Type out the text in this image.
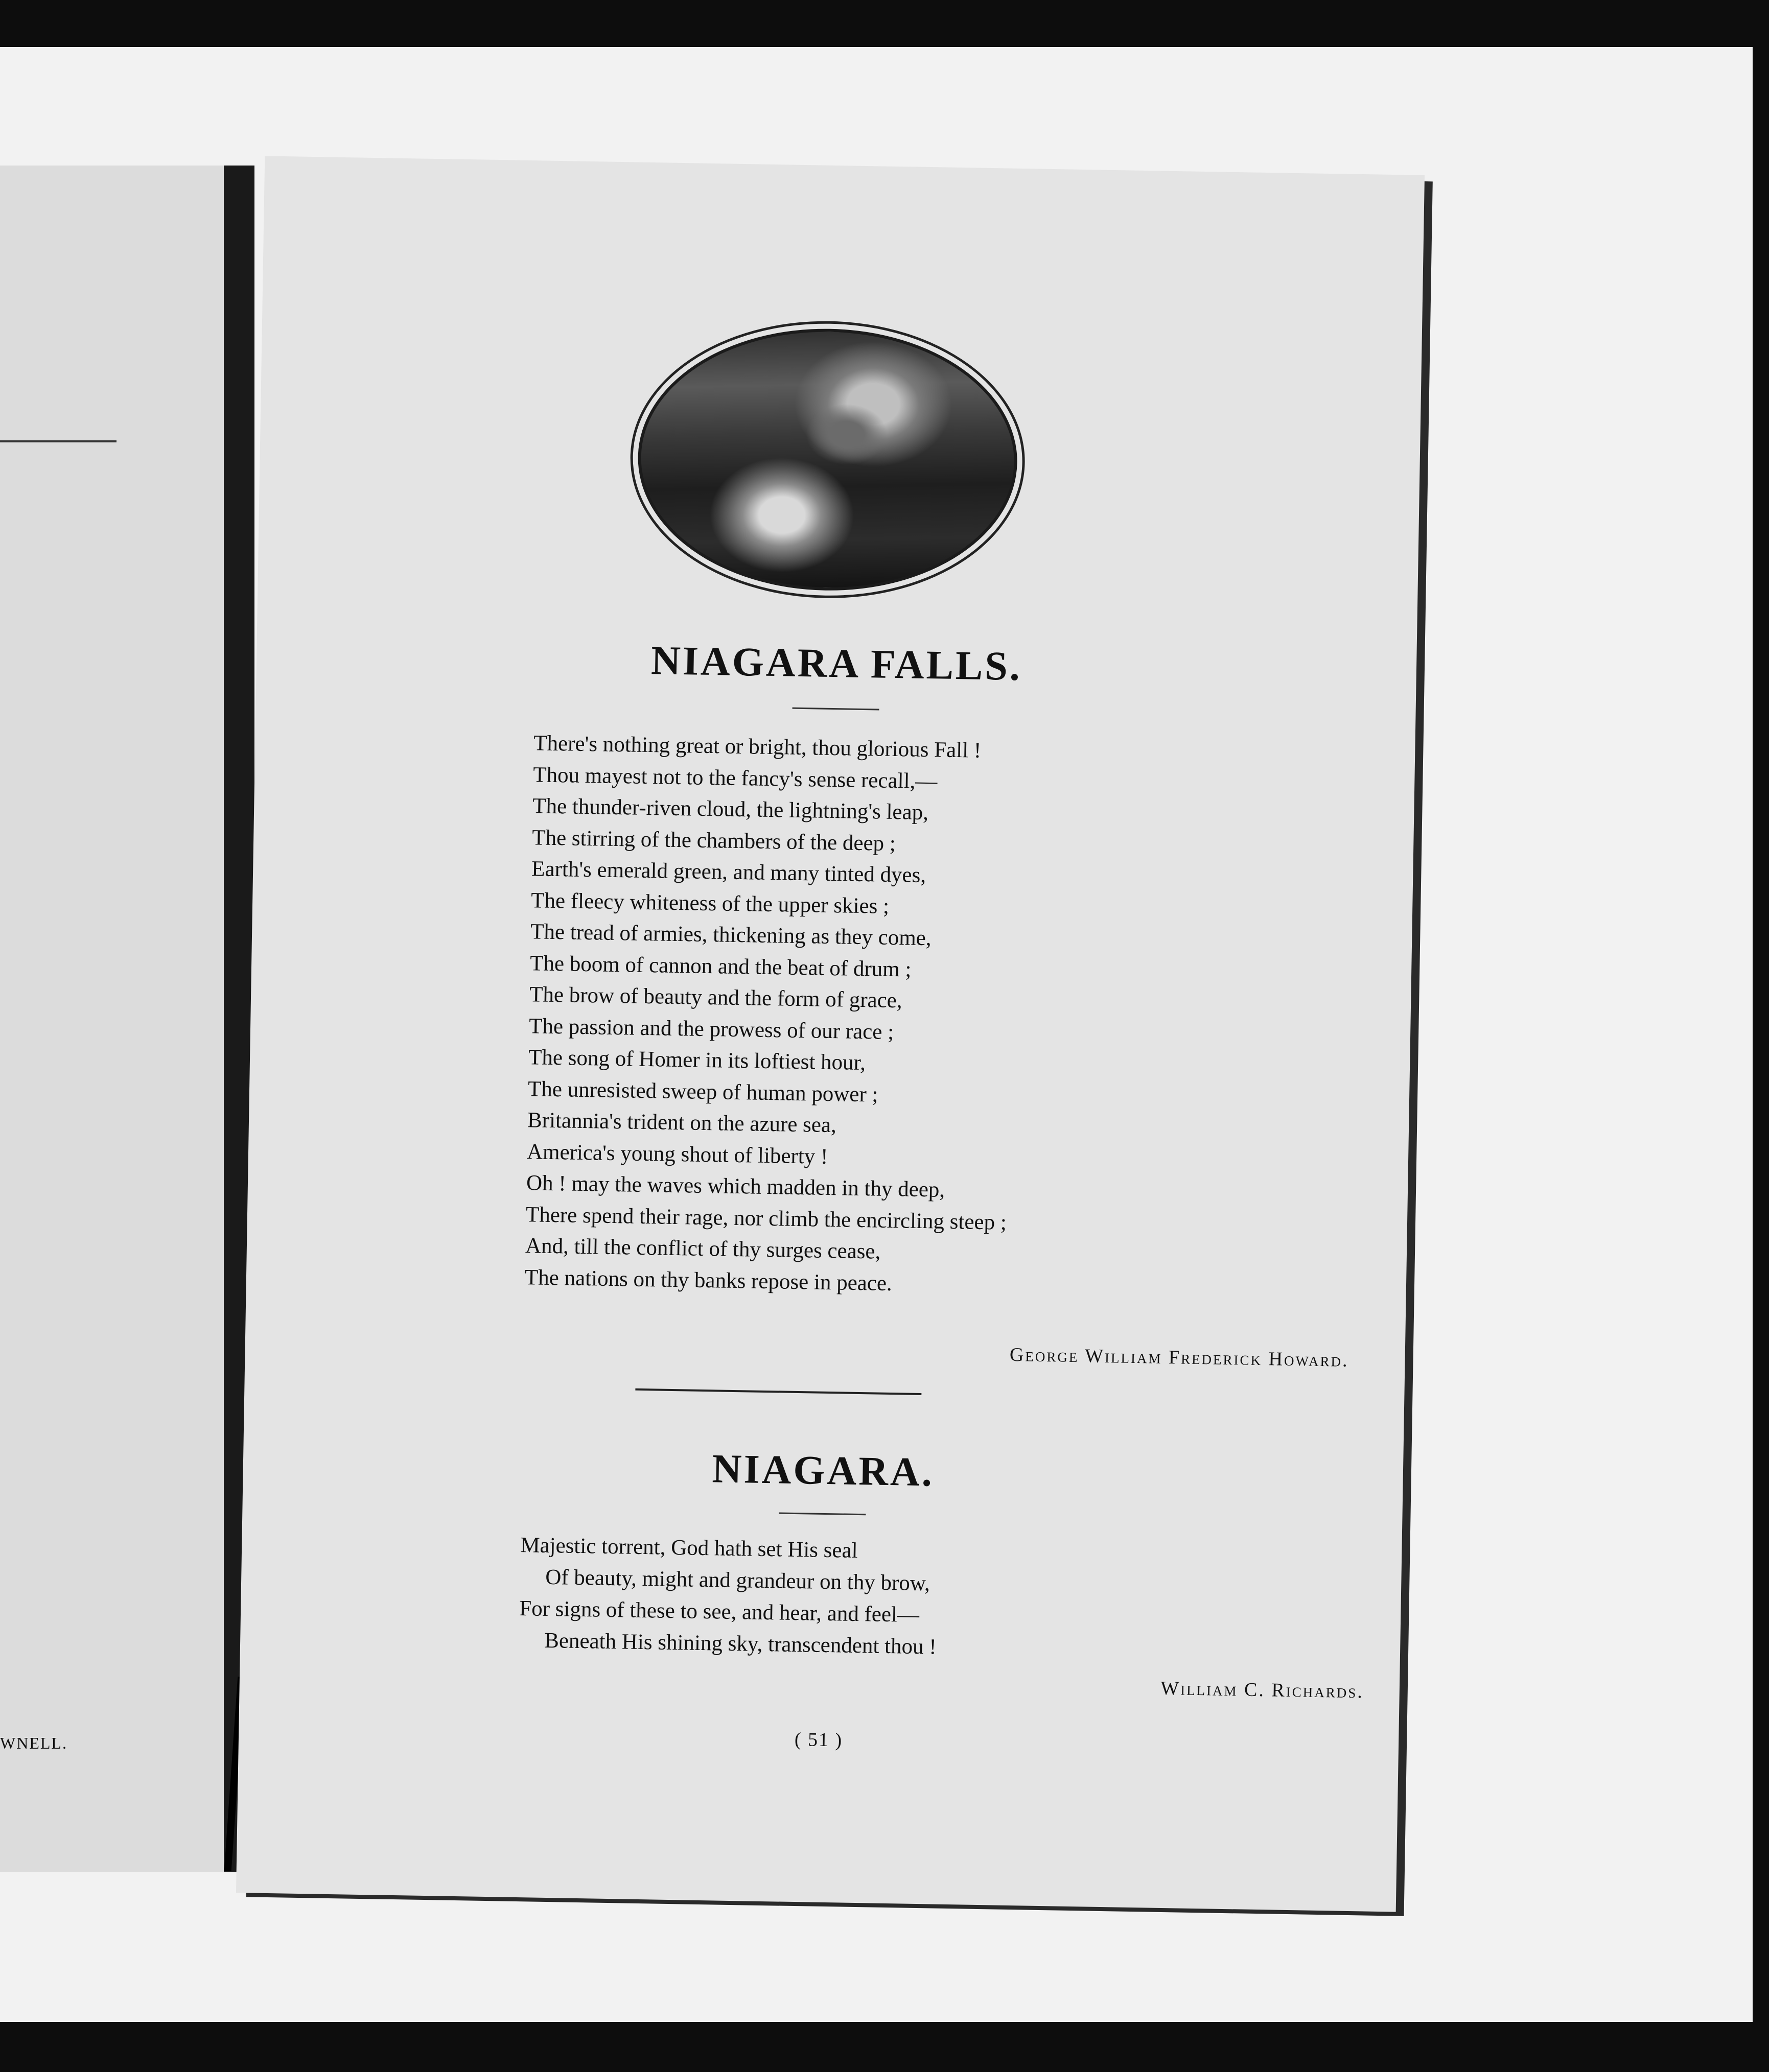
WNELL.
NIAGARA FALLS.
There's nothing great or bright, thou glorious Fall !
Thou mayest not to the fancy's sense recall,—
The thunder-riven cloud, the lightning's leap,
The stirring of the chambers of the deep ;
Earth's emerald green, and many tinted dyes,
The fleecy whiteness of the upper skies ;
The tread of armies, thickening as they come,
The boom of cannon and the beat of drum ;
The brow of beauty and the form of grace,
The passion and the prowess of our race ;
The song of Homer in its loftiest hour,
The unresisted sweep of human power ;
Britannia's trident on the azure sea,
America's young shout of liberty !
Oh ! may the waves which madden in thy deep,
There spend their rage, nor climb the encircling steep ;
And, till the conflict of thy surges cease,
The nations on thy banks repose in peace.
George William Frederick Howard.
NIAGARA.
Majestic torrent, God hath set His seal
Of beauty, might and grandeur on thy brow,
For signs of these to see, and hear, and feel—
Beneath His shining sky, transcendent thou !
William C. Richards.
( 51 )
